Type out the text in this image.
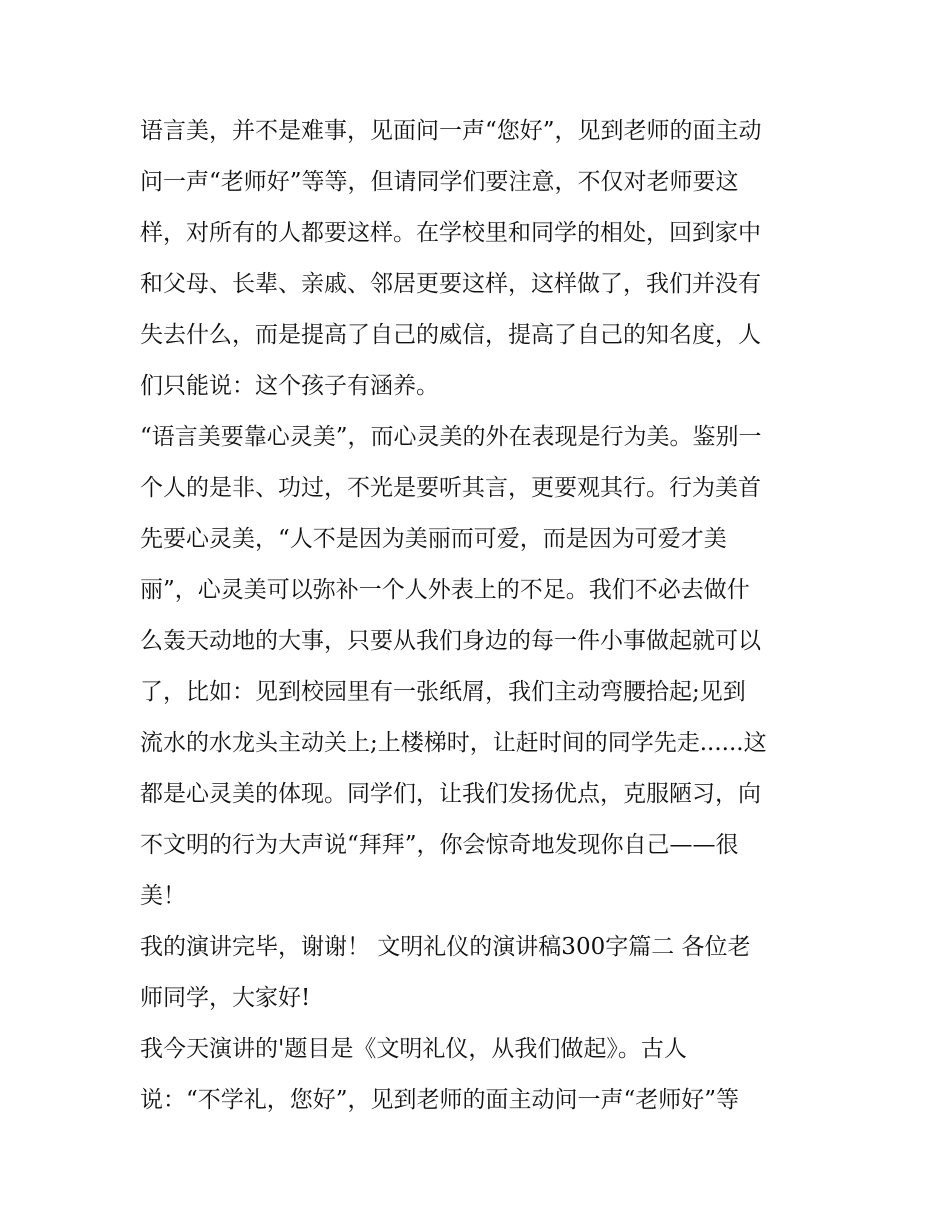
语言美，并不是难事，见面问一声“您好”，见到老师的面主动
问一声“老师好”等等，但请同学们要注意，不仅对老师要这
样，对所有的人都要这样。在学校里和同学的相处，回到家中
和父母、长辈、亲戚、邻居更要这样，这样做了，我们并没有
失去什么，而是提高了自己的威信，提高了自己的知名度，人
们只能说：这个孩子有涵养。
“语言美要靠心灵美”，而心灵美的外在表现是行为美。鉴别一
个人的是非、功过，不光是要听其言，更要观其行。行为美首
先要心灵美，“人不是因为美丽而可爱，而是因为可爱才美
丽”，心灵美可以弥补一个人外表上的不足。我们不必去做什
么轰天动地的大事，只要从我们身边的每一件小事做起就可以
了，比如：见到校园里有一张纸屑，我们主动弯腰拾起;见到
流水的水龙头主动关上;上楼梯时，让赶时间的同学先走......这
都是心灵美的体现。同学们，让我们发扬优点，克服陋习，向
不文明的行为大声说“拜拜”，你会惊奇地发现你自己——很
美！
我的演讲完毕，谢谢！ 文明礼仪的演讲稿300字篇二 各位老
师同学，大家好!
我今天演讲的'题目是《文明礼仪，从我们做起》。古人
说：“不学礼，您好”，见到老师的面主动问一声“老师好”等
